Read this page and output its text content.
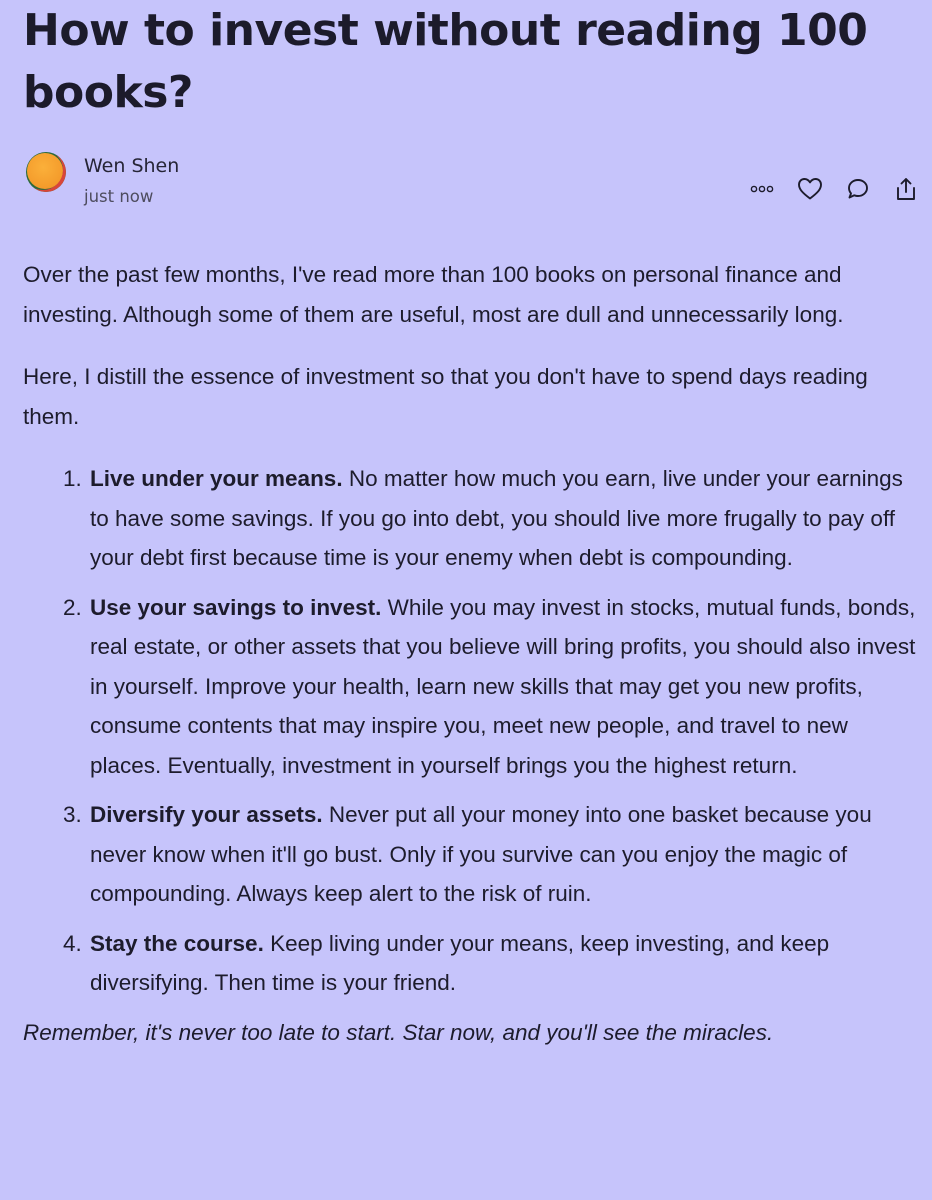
How to invest without reading 100 books?
Wen Shen
just now

Over the past few months, I've read more than 100 books on personal finance and investing. Although some of them are useful, most are dull and unnecessarily long.

Here, I distill the essence of investment so that you don't have to spend days reading them.

1. Live under your means. No matter how much you earn, live under your earnings to have some savings. If you go into debt, you should live more frugally to pay off your debt first because time is your enemy when debt is compounding.
2. Use your savings to invest. While you may invest in stocks, mutual funds, bonds, real estate, or other assets that you believe will bring profits, you should also invest in yourself. Improve your health, learn new skills that may get you new profits, consume contents that may inspire you, meet new people, and travel to new places. Eventually, investment in yourself brings you the highest return.
3. Diversify your assets. Never put all your money into one basket because you never know when it'll go bust. Only if you survive can you enjoy the magic of compounding. Always keep alert to the risk of ruin.
4. Stay the course. Keep living under your means, keep investing, and keep diversifying. Then time is your friend.

Remember, it's never too late to start. Star now, and you'll see the miracles.
